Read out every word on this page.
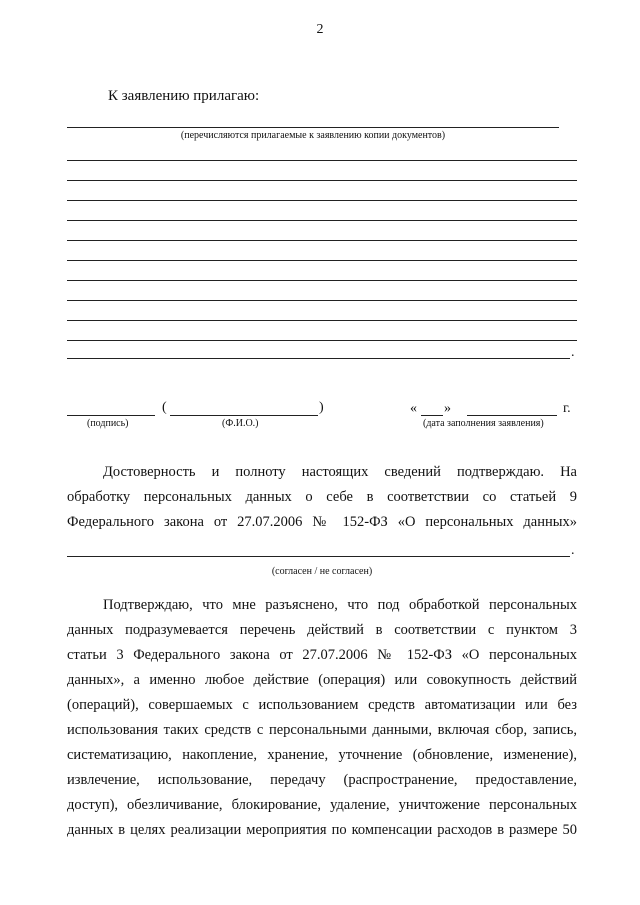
2
К заявлению прилагаю:
(перечисляются прилагаемые к заявлению копии документов)
.
(	)	« »	г.
(подпись)	(Ф.И.О.)	(дата заполнения заявления)
Достоверность и полноту настоящих сведений подтверждаю. На
обработку персональных данных о себе в соответствии со статьей 9
Федерального закона от 27.07.2006 № 152-ФЗ «О персональных данных»
.
(согласен / не согласен)
Подтверждаю, что мне разъяснено, что под обработкой персональных
данных подразумевается перечень действий в соответствии с пунктом 3
статьи 3 Федерального закона от 27.07.2006 № 152-ФЗ «О персональных
данных», а именно любое действие (операция) или совокупность действий
(операций), совершаемых с использованием средств автоматизации или без
использования таких средств с персональными данными, включая сбор, запись,
систематизацию, накопление, хранение, уточнение (обновление, изменение),
извлечение, использование, передачу (распространение, предоставление,
доступ), обезличивание, блокирование, удаление, уничтожение персональных
данных в целях реализации мероприятия по компенсации расходов в размере 50
